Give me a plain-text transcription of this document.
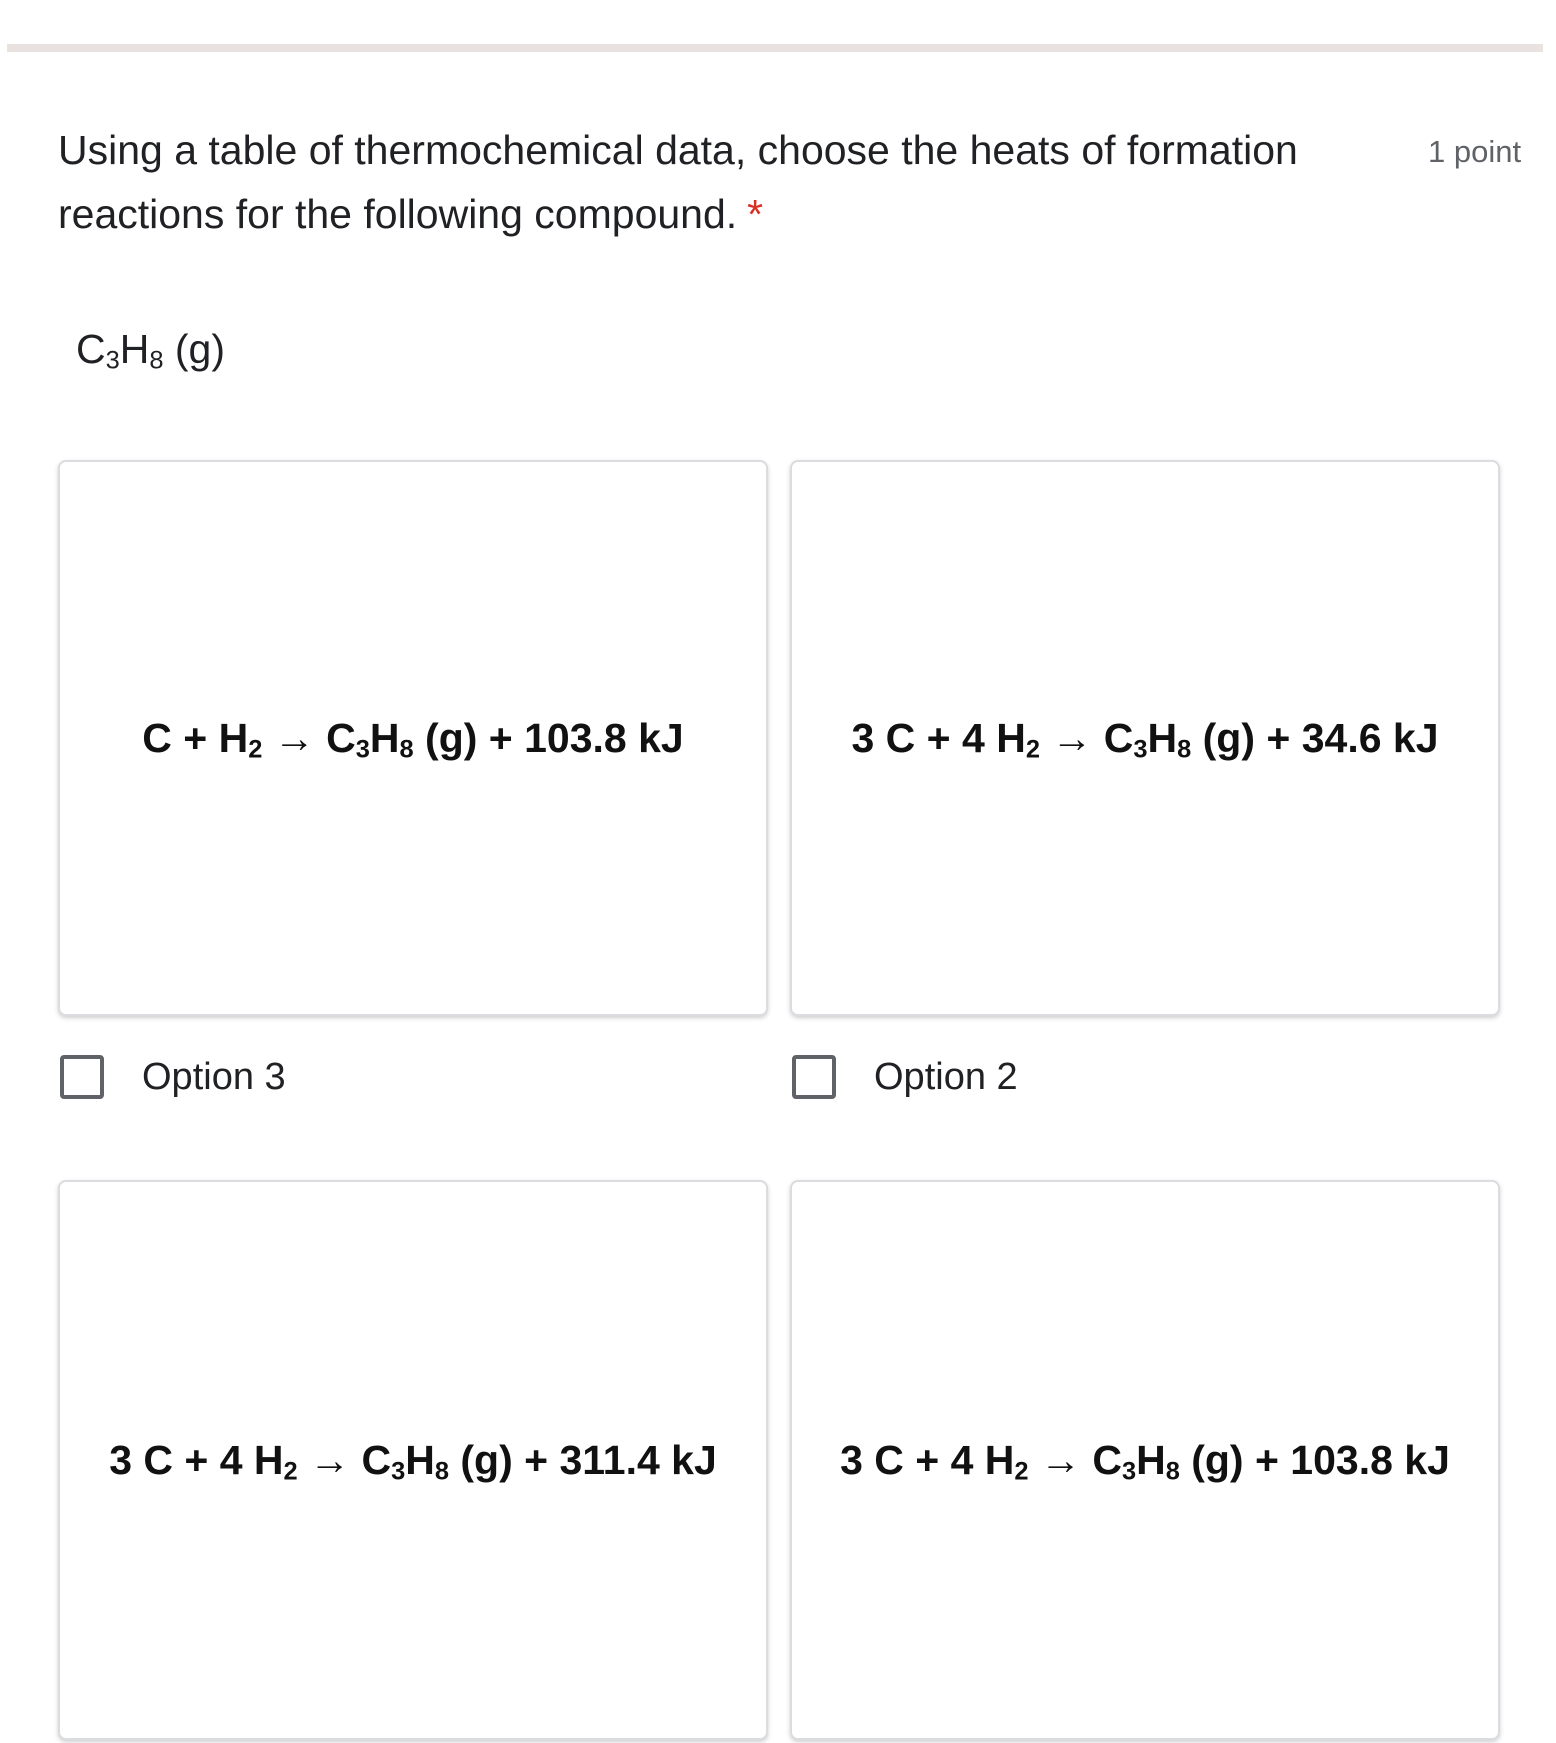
Using a table of thermochemical data, choose the heats of formation reactions for the following compound. *
1 point
$C_3H_8$ (g)
$C + H_2 \to C_3H_8$ (g) + 103.8 kJ	3 C + 4 $H_2 \to C_3H_8$ (g) + 34.6 kJ
Option 3	Option 2
3 C + 4 $H_2 \to C_3H_8$ (g) + 311.4 kJ	3 C + 4 $H_2 \to C_3H_8$ (g) + 103.8 kJ
